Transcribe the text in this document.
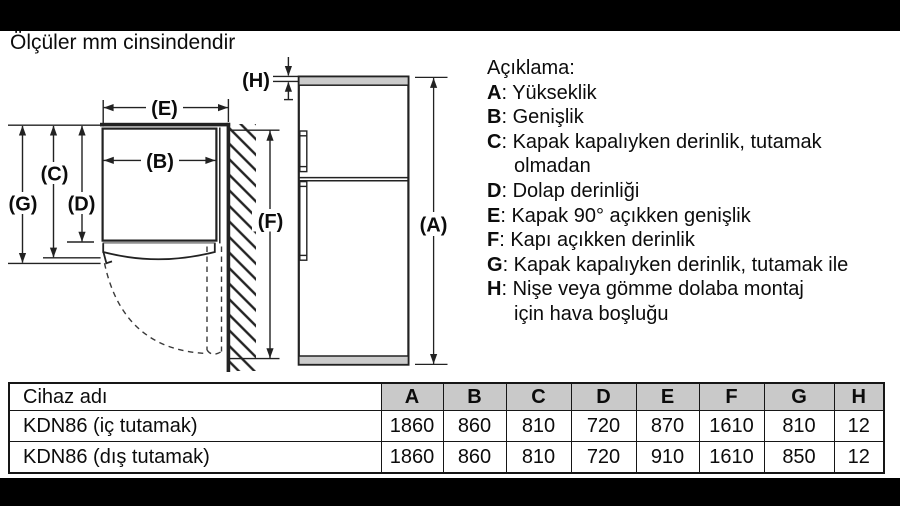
Ölçüler mm cinsindendir
(E)
(B)
(C)
(G) (D)
(F)
(H)
(A)
Açıklama:
A: Yükseklik
B: Genişlik
C: Kapak kapalıyken derinlik, tutamak
olmadan
D: Dolap derinliği
E: Kapak 90° açıkken genişlik
F: Kapı açıkken derinlik
G: Kapak kapalıyken derinlik, tutamak ile
H: Nişe veya gömme dolaba montaj
için hava boşluğu
Cihaz adı	A	B	C	D	E	F	G	H
KDN86 (iç tutamak)	1860	860	810	720	870	1610	810	12
KDN86 (dış tutamak)	1860	860	810	720	910	1610	850	12
